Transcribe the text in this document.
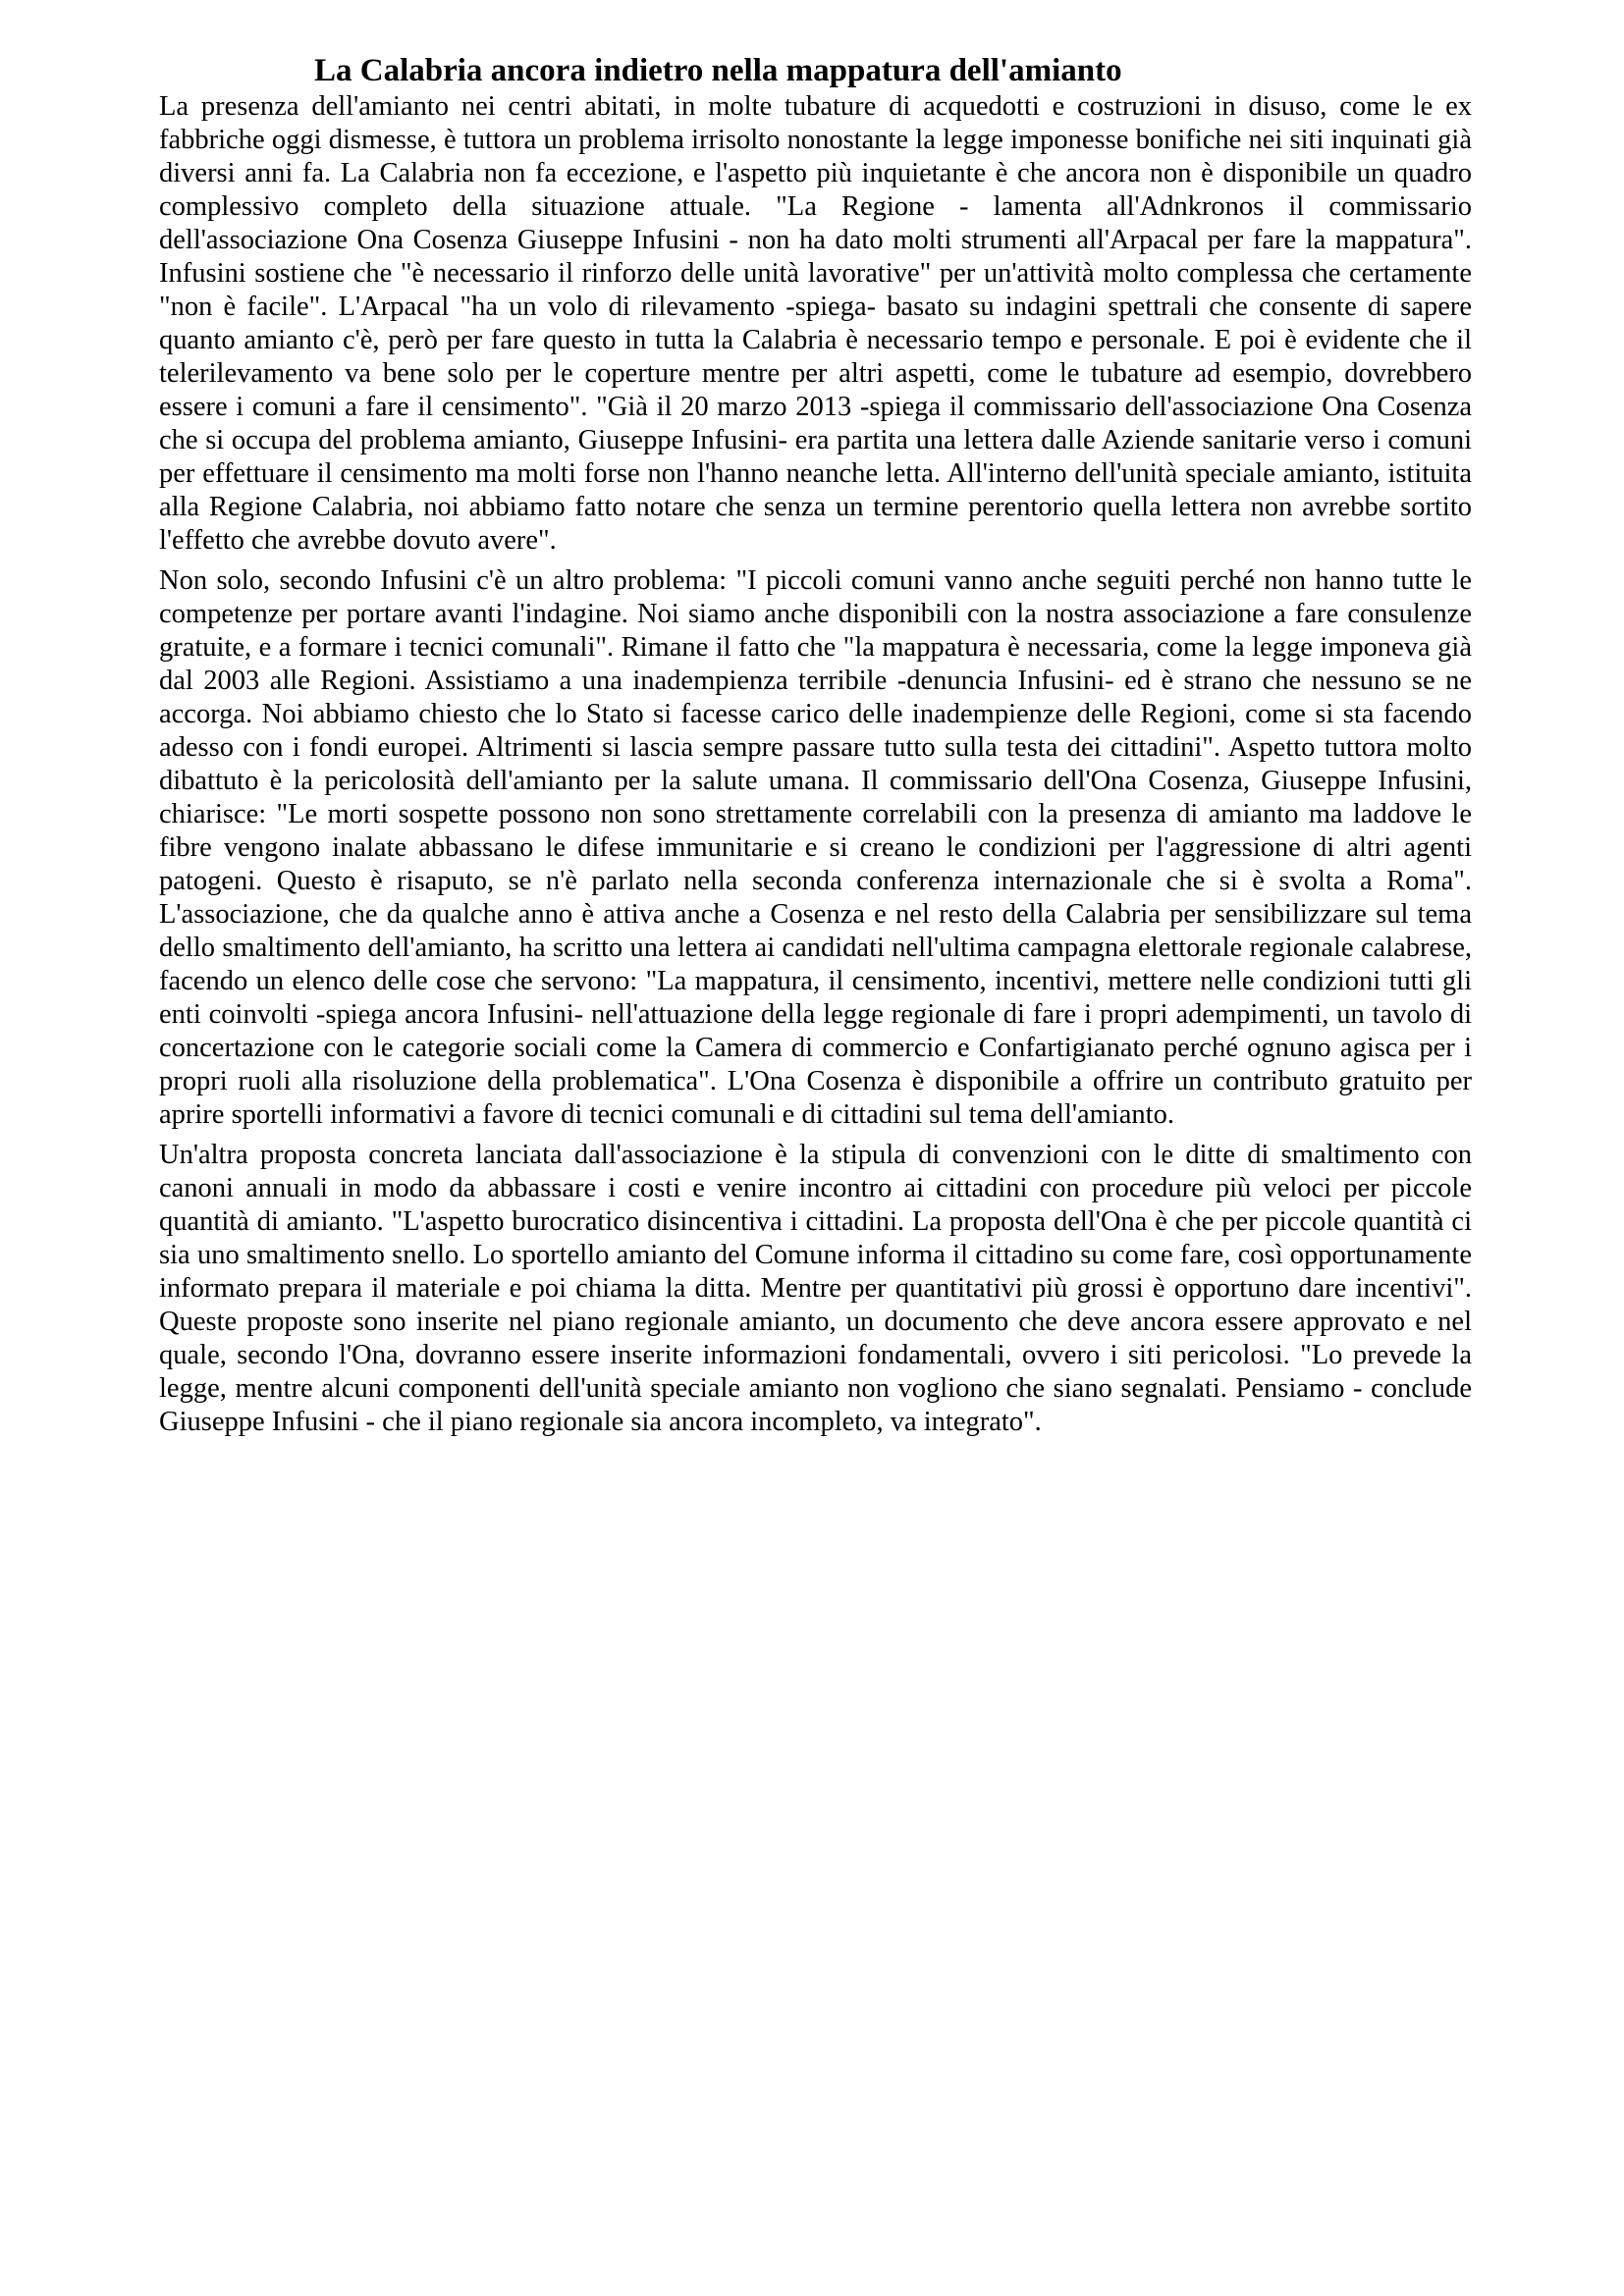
La Calabria ancora indietro nella mappatura dell'amianto

La presenza dell'amianto nei centri abitati, in molte tubature di acquedotti e costruzioni in disuso, come le ex fabbriche oggi dismesse, è tuttora un problema irrisolto nonostante la legge imponesse bonifiche nei siti inquinati già diversi anni fa. La Calabria non fa eccezione, e l'aspetto più inquietante è che ancora non è disponibile un quadro complessivo completo della situazione attuale. "La Regione - lamenta all'Adnkronos il commissario dell'associazione Ona Cosenza Giuseppe Infusini - non ha dato molti strumenti all'Arpacal per fare la mappatura". Infusini sostiene che "è necessario il rinforzo delle unità lavorative" per un'attività molto complessa che certamente "non è facile". L'Arpacal "ha un volo di rilevamento -spiega- basato su indagini spettrali che consente di sapere quanto amianto c'è, però per fare questo in tutta la Calabria è necessario tempo e personale. E poi è evidente che il telerilevamento va bene solo per le coperture mentre per altri aspetti, come le tubature ad esempio, dovrebbero essere i comuni a fare il censimento". "Già il 20 marzo 2013 -spiega il commissario dell'associazione Ona Cosenza che si occupa del problema amianto, Giuseppe Infusini- era partita una lettera dalle Aziende sanitarie verso i comuni per effettuare il censimento ma molti forse non l'hanno neanche letta. All'interno dell'unità speciale amianto, istituita alla Regione Calabria, noi abbiamo fatto notare che senza un termine perentorio quella lettera non avrebbe sortito l'effetto che avrebbe dovuto avere".

Non solo, secondo Infusini c'è un altro problema: "I piccoli comuni vanno anche seguiti perché non hanno tutte le competenze per portare avanti l'indagine. Noi siamo anche disponibili con la nostra associazione a fare consulenze gratuite, e a formare i tecnici comunali". Rimane il fatto che "la mappatura è necessaria, come la legge imponeva già dal 2003 alle Regioni. Assistiamo a una inadempienza terribile -denuncia Infusini- ed è strano che nessuno se ne accorga. Noi abbiamo chiesto che lo Stato si facesse carico delle inadempienze delle Regioni, come si sta facendo adesso con i fondi europei. Altrimenti si lascia sempre passare tutto sulla testa dei cittadini". Aspetto tuttora molto dibattuto è la pericolosità dell'amianto per la salute umana. Il commissario dell'Ona Cosenza, Giuseppe Infusini, chiarisce: "Le morti sospette possono non sono strettamente correlabili con la presenza di amianto ma laddove le fibre vengono inalate abbassano le difese immunitarie e si creano le condizioni per l'aggressione di altri agenti patogeni. Questo è risaputo, se n'è parlato nella seconda conferenza internazionale che si è svolta a Roma". L'associazione, che da qualche anno è attiva anche a Cosenza e nel resto della Calabria per sensibilizzare sul tema dello smaltimento dell'amianto, ha scritto una lettera ai candidati nell'ultima campagna elettorale regionale calabrese, facendo un elenco delle cose che servono: "La mappatura, il censimento, incentivi, mettere nelle condizioni tutti gli enti coinvolti -spiega ancora Infusini- nell'attuazione della legge regionale di fare i propri adempimenti, un tavolo di concertazione con le categorie sociali come la Camera di commercio e Confartigianato perché ognuno agisca per i propri ruoli alla risoluzione della problematica". L'Ona Cosenza è disponibile a offrire un contributo gratuito per aprire sportelli informativi a favore di tecnici comunali e di cittadini sul tema dell'amianto.

Un'altra proposta concreta lanciata dall'associazione è la stipula di convenzioni con le ditte di smaltimento con canoni annuali in modo da abbassare i costi e venire incontro ai cittadini con procedure più veloci per piccole quantità di amianto. "L'aspetto burocratico disincentiva i cittadini. La proposta dell'Ona è che per piccole quantità ci sia uno smaltimento snello. Lo sportello amianto del Comune informa il cittadino su come fare, così opportunamente informato prepara il materiale e poi chiama la ditta. Mentre per quantitativi più grossi è opportuno dare incentivi". Queste proposte sono inserite nel piano regionale amianto, un documento che deve ancora essere approvato e nel quale, secondo l'Ona, dovranno essere inserite informazioni fondamentali, ovvero i siti pericolosi. "Lo prevede la legge, mentre alcuni componenti dell'unità speciale amianto non vogliono che siano segnalati. Pensiamo - conclude Giuseppe Infusini - che il piano regionale sia ancora incompleto, va integrato".
